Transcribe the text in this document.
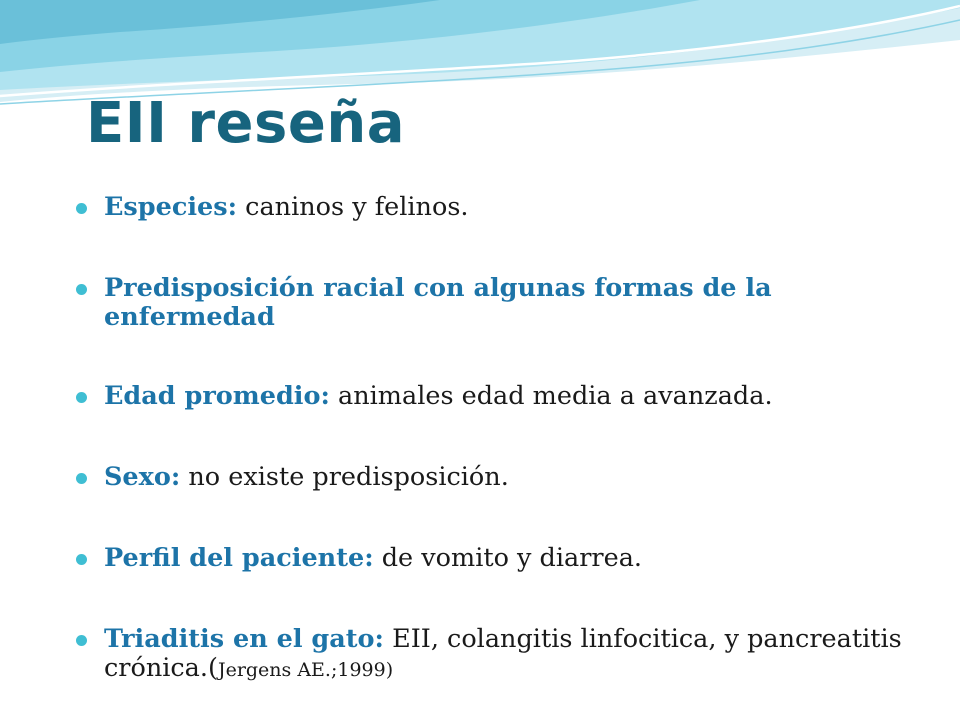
EII reseña
Especies: caninos y felinos.
Predisposición racial con algunas formas de la enfermedad
Edad promedio: animales edad media a avanzada.
Sexo: no existe predisposición.
Perfil del paciente: de vomito y diarrea.
Triaditis en el gato: EII, colangitis linfocitica, y pancreatitis crónica.(Jergens AE.;1999)
